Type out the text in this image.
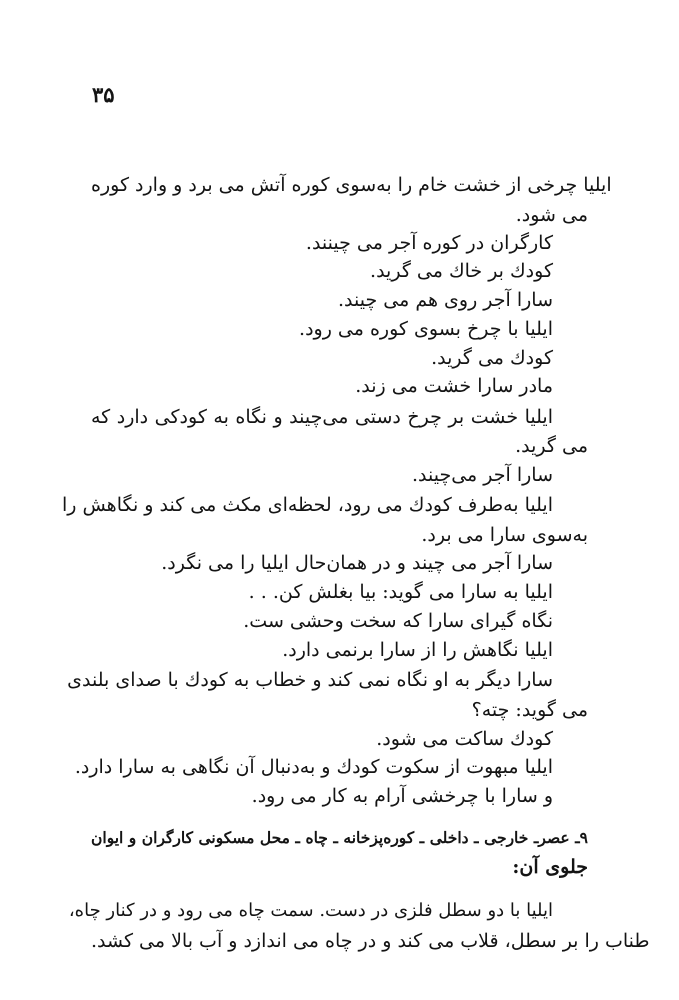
۳۵
ایلیا چرخی از خشت خام را به‌سوی کوره آتش می برد و وارد کوره
می شود.
کارگران در کوره آجر می چینند.
کودك بر خاك می گرید.
سارا آجر روی هم می چیند.
ایلیا با چرخ بسوی کوره می رود.
کودك می گرید.
مادر سارا خشت می زند.
ایلیا خشت بر چرخ دستی می‌چیند و نگاه به کودکی دارد که
می گرید.
سارا آجر می‌چیند.
ایلیا به‌طرف کودك می رود، لحظه‌ای مکث می کند و نگاهش را
به‌سوی سارا می برد.
سارا آجر می چیند و در همان‌حال ایلیا را می نگرد.
ایلیا به سارا می گوید: بیا بغلش کن. . .
نگاه گیرای سارا که سخت وحشی ست.
ایلیا نگاهش را از سارا برنمی دارد.
سارا دیگر به او نگاه نمی کند و خطاب به کودك با صدای بلندی
می گوید: چته؟
کودك ساکت می شود.
ایلیا مبهوت از سکوت کودك و به‌دنبال آن نگاهی به سارا دارد.
و سارا با چرخشی آرام به کار می رود.
۹ـ عصرـ خارجی ـ داخلی ـ کوره‌پزخانه ـ چاه ـ محل مسکونی کارگران و ایوان
جلوی آن:
ایلیا با دو سطل فلزی در دست. سمت چاه می رود و در کنار چاه،
طناب را بر سطل، قلاب می کند و در چاه می اندازد و آب بالا می کشد.
